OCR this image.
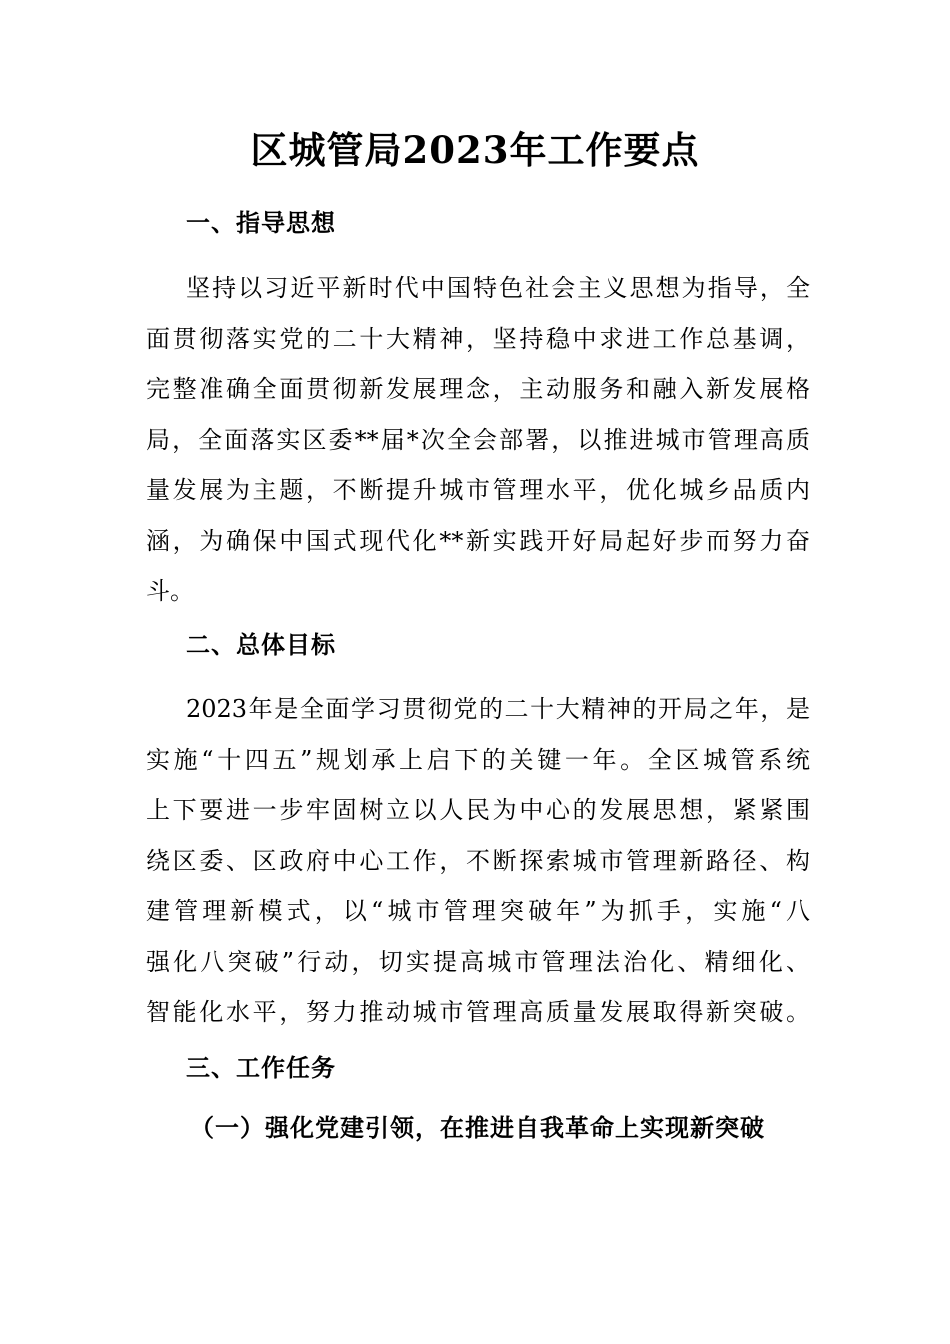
区城管局2023年工作要点
一、指导思想
坚持以习近平新时代中国特色社会主义思想为指导，全
面贯彻落实党的二十大精神，坚持稳中求进工作总基调，
完整准确全面贯彻新发展理念，主动服务和融入新发展格
局，全面落实区委**届*次全会部署，以推进城市管理高质
量发展为主题，不断提升城市管理水平，优化城乡品质内
涵，为确保中国式现代化**新实践开好局起好步而努力奋
斗。
二、总体目标
2023年是全面学习贯彻党的二十大精神的开局之年，是
实施“十四五”规划承上启下的关键一年。全区城管系统
上下要进一步牢固树立以人民为中心的发展思想，紧紧围
绕区委、区政府中心工作，不断探索城市管理新路径、构
建管理新模式，以“城市管理突破年”为抓手，实施“八
强化八突破”行动，切实提高城市管理法治化、精细化、
智能化水平，努力推动城市管理高质量发展取得新突破。
三、工作任务
（一）强化党建引领，在推进自我革命上实现新突破
